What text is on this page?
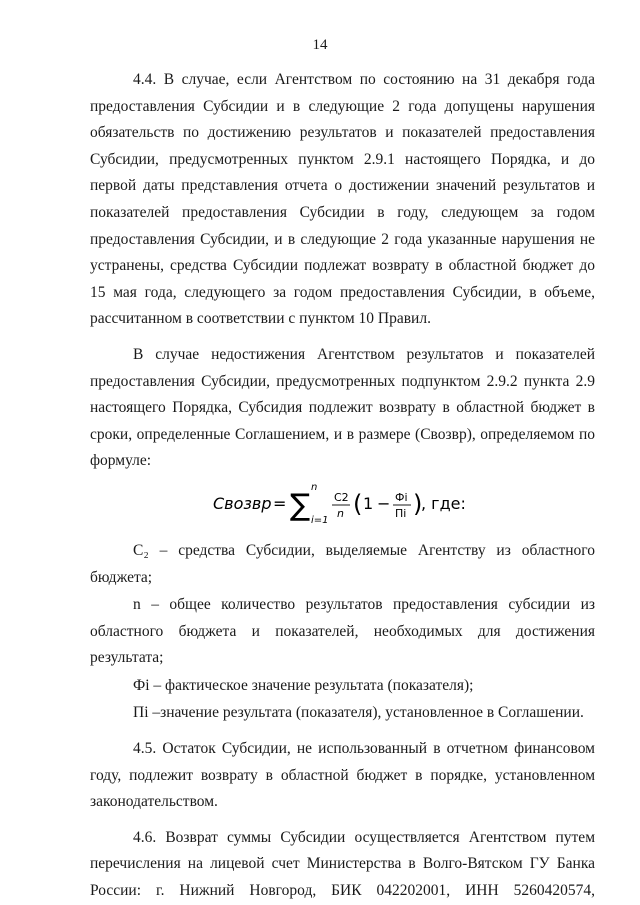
14

4.4. В случае, если Агентством по состоянию на 31 декабря года предоставления Субсидии и в следующие 2 года допущены нарушения обязательств по достижению результатов и показателей предоставления Субсидии, предусмотренных пунктом 2.9.1 настоящего Порядка, и до первой даты представления отчета о достижении значений результатов и показателей предоставления Субсидии в году, следующем за годом предоставления Субсидии, и в следующие 2 года указанные нарушения не устранены, средства Субсидии подлежат возврату в областной бюджет до 15 мая года, следующего за годом предоставления Субсидии, в объеме, рассчитанном в соответствии с пунктом 10 Правил.

В случае недостижения Агентством результатов и показателей предоставления Субсидии, предусмотренных подпунктом 2.9.2 пункта 2.9 настоящего Порядка, Субсидия подлежит возврату в областной бюджет в сроки, определенные Соглашением, и в размере (Свозвр), определяемом по формуле:

Свозвр = ∑
n
i=1
C2
n ( 1 − Фi
Пi )
, где:

С₂ – средства Субсидии, выделяемые Агентству из областного бюджета;

n – общее количество результатов предоставления субсидии из областного бюджета и показателей, необходимых для достижения результата;

Фi – фактическое значение результата (показателя);

Пi –значение результата (показателя), установленное в Соглашении.

4.5. Остаток Субсидии, не использованный в отчетном финансовом году, подлежит возврату в областной бюджет в порядке, установленном законодательством.

4.6. Возврат суммы Субсидии осуществляется Агентством путем перечисления на лицевой счет Министерства в Волго-Вятском ГУ Банка России: г. Нижний Новгород, БИК 042202001, ИНН 5260420574,
